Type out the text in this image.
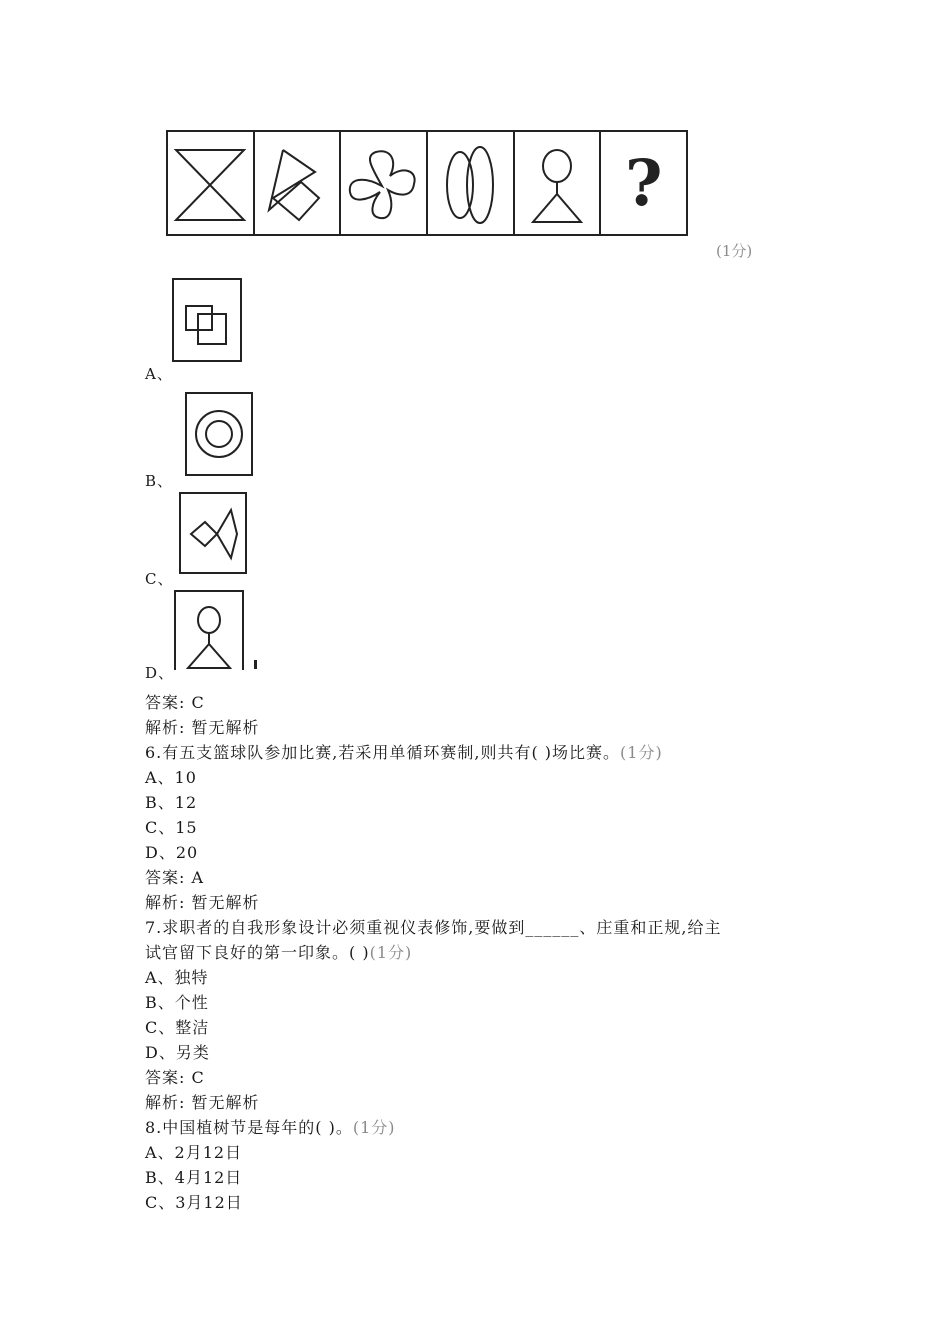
?
(1分)
A、
B、
C、
D、
答案: C
解析: 暂无解析
6.有五支篮球队参加比赛,若采用单循环赛制,则共有( )场比赛。(1分)
A、10
B、12
C、15
D、20
答案: A
解析: 暂无解析
7.求职者的自我形象设计必须重视仪表修饰,要做到______、庄重和正规,给主
试官留下良好的第一印象。( )(1分)
A、独特
B、个性
C、整洁
D、另类
答案: C
解析: 暂无解析
8.中国植树节是每年的( )。(1分)
A、2月12日
B、4月12日
C、3月12日
